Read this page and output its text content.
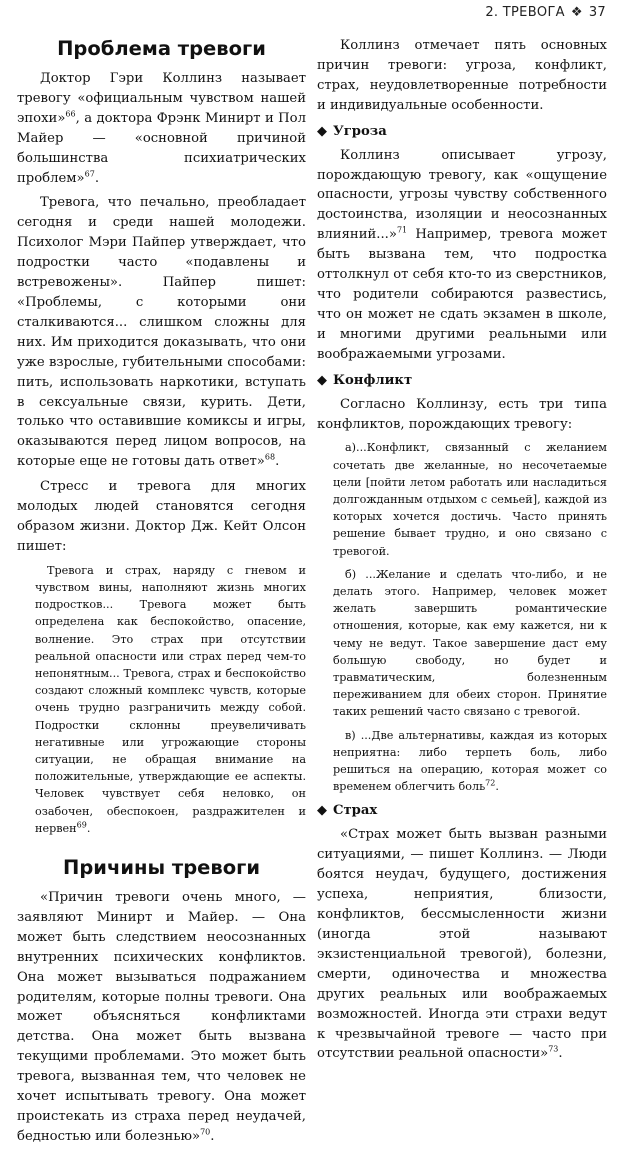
2. ТРЕВОГА ❖ 37
Проблема тревоги

Доктор Гэри Коллинз называет тревогу «официальным чувством нашей эпохи»$^{66}$, а доктора Фрэнк Минирт и Пол Майер — «основной причиной большинства психиатрических проблем»$^{67}$.

Тревога, что печально, преобладает сегодня и среди нашей молодежи. Психолог Мэри Пайпер утверждает, что подростки часто «подавлены и встревожены». Пайпер пишет: «Проблемы, с которыми они сталкиваются... слишком сложны для них. Им приходится доказывать, что они уже взрослые, губительными способами: пить, использовать наркотики, вступать в сексуальные связи, курить. Дети, только что оставившие комиксы и игры, оказываются перед лицом вопросов, на которые еще не готовы дать ответ»$^{68}$.

Стресс и тревога для многих молодых людей становятся сегодня образом жизни. Доктор Дж. Кейт Олсон пишет:

Тревога и страх, наряду с гневом и чувством вины, наполняют жизнь многих подростков... Тревога может быть определена как беспокойство, опасение, волнение. Это страх при отсутствии реальной опасности или страх перед чем-то непонятным... Тревога, страх и беспокойство создают сложный комплекс чувств, которые очень трудно разграничить между собой. Подростки склонны преувеличивать негативные или угрожающие стороны ситуации, не обращая внимание на положительные, утверждающие ее аспекты. Человек чувствует себя неловко, он озабочен, обеспокоен, раздражителен и нервен$^{69}$.
Причины тревоги

«Причин тревоги очень много, — заявляют Минирт и Майер. — Она может быть следствием неосознанных внутренних психических конфликтов. Она может вызываться подражанием родителям, которые полны тревоги. Она может объясняться конфликтами детства. Она может быть вызвана текущими проблемами. Это может быть тревога, вызванная тем, что человек не хочет испытывать тревогу. Она может проистекать из страха перед неудачей, бедностью или болезнью»$^{70}$.

Коллинз отмечает пять основных причин тревоги: угроза, конфликт, страх, неудовлетворенные потребности и индивидуальные особенности.

◆ Угроза

Коллинз описывает угрозу, порождающую тревогу, как «ощущение опасности, угрозы чувству собственного достоинства, изоляции и неосознанных влияний...»$^{71}$ Например, тревога может быть вызвана тем, что подростка оттолкнул от себя кто-то из сверстников, что родители собираются развестись, что он может не сдать экзамен в школе, и многими другими реальными или воображаемыми угрозами.

◆ Конфликт

Согласно Коллинзу, есть три типа конфликтов, порождающих тревогу:

а)...Конфликт, связанный с желанием сочетать две желанные, но несочетаемые цели [пойти летом работать или насладиться долгожданным отдыхом с семьей], каждой из которых хочется достичь. Часто принять решение бывает трудно, и оно связано с тревогой.
б) ...Желание и сделать что-либо, и не делать этого. Например, человек может желать завершить романтические отношения, которые, как ему кажется, ни к чему не ведут. Такое завершение даст ему большую свободу, но будет и травматическим, болезненным переживанием для обеих сторон. Принятие таких решений часто связано с тревогой.
в) ...Две альтернативы, каждая из которых неприятна: либо терпеть боль, либо решиться на операцию, которая может со временем облегчить боль$^{72}$.
◆ Страх

«Страх может быть вызван разными ситуациями, — пишет Коллинз. — Люди боятся неудач, будущего, достижения успеха, неприятия, близости, конфликтов, бессмысленности жизни (иногда этой называют экзистенциальной тревогой), болезни, смерти, одиночества и множества других реальных или воображаемых возможностей. Иногда эти страхи ведут к чрезвычайной тревоге — часто при отсутствии реальной опасности»$^{73}$.
